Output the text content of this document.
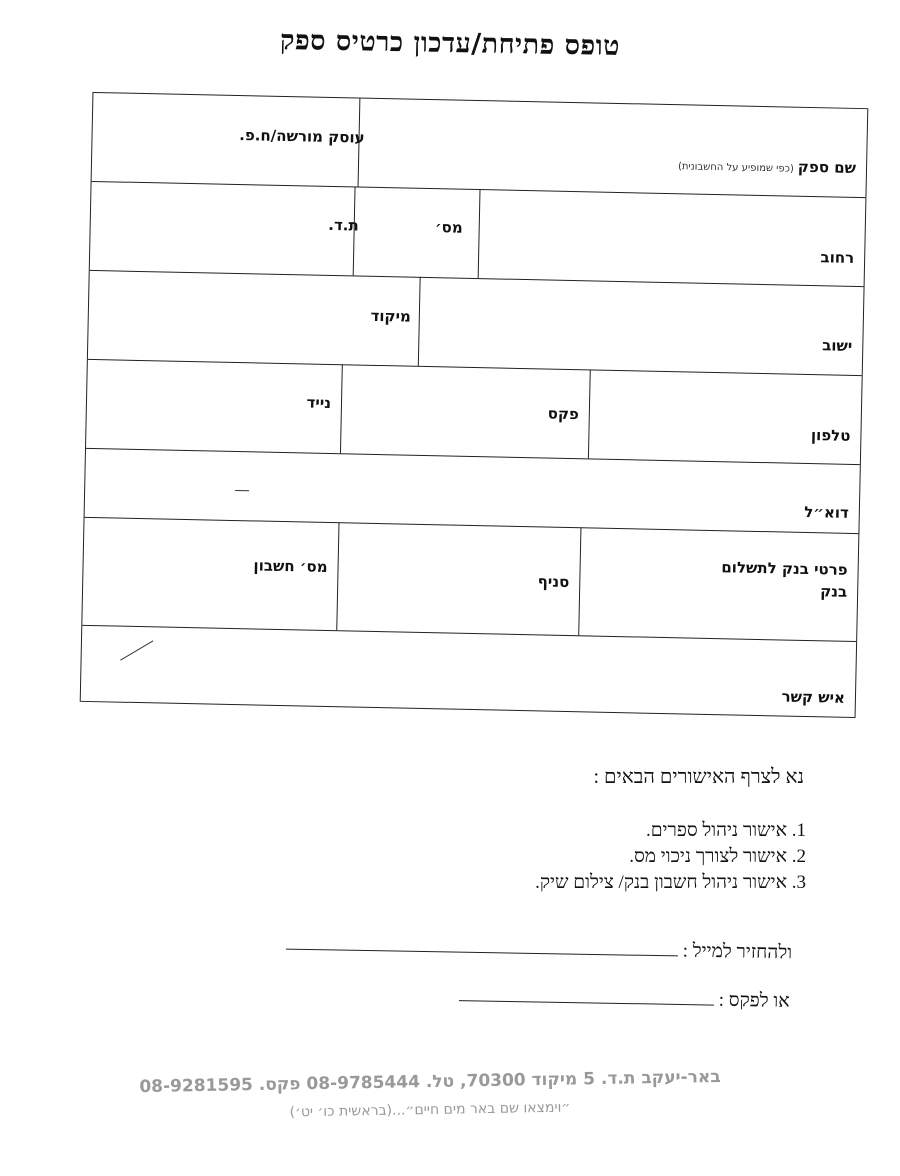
טופס פתיחת/עדכון כרטיס ספק
שם ספק(כפי שמופיע על החשבונית)
עוסק מורשה/ח.פ.
רחוב
מס׳
ת.ד.
ישוב
מיקוד
טלפון
פקס
נייד
דוא״ל
פרטי בנק לתשלום
בנק
סניף
מס׳ חשבון
איש קשר
נא לצרף האישורים הבאים :
1. אישור ניהול ספרים.
2. אישור לצורך ניכוי מס.
3. אישור ניהול חשבון בנק/ צילום שיק.
ולהחזיר למייל :
או לפקס :
באר-יעקב ת.ד. 5 מיקוד 70300, טל. 08-9785444 פקס. 08-9281595
״וימצאו שם באר מים חיים״...(בראשית כו׳ יט׳)
